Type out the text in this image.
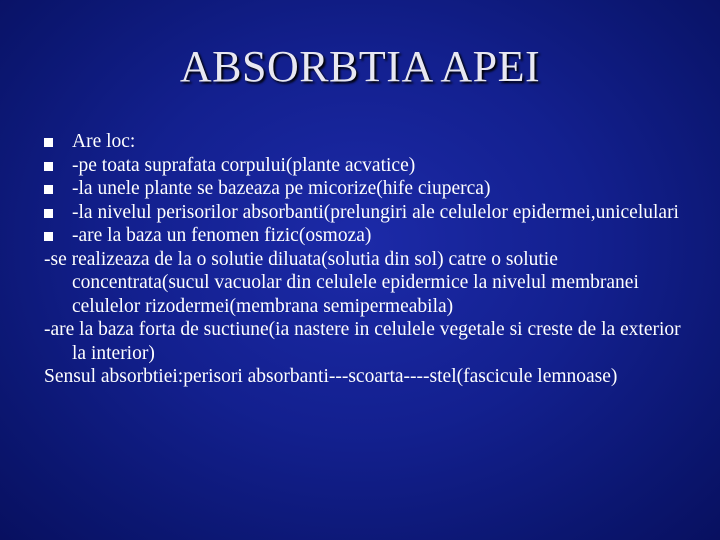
ABSORBTIA APEI
Are loc:
-pe toata suprafata corpului(plante acvatice)
-la unele plante se bazeaza pe micorize(hife ciuperca)
-la nivelul perisorilor absorbanti(prelungiri ale celulelor epidermei,unicelulari
-are la baza un fenomen fizic(osmoza)
-se realizeaza de la o solutie diluata(solutia din sol) catre o solutie concentrata(sucul vacuolar din celulele epidermice la nivelul membranei celulelor rizodermei(membrana semipermeabila)
-are la baza forta de suctiune(ia nastere in celulele vegetale si creste de la exterior la interior)
Sensul absorbtiei:perisori absorbanti---scoarta----stel(fascicule lemnoase)
